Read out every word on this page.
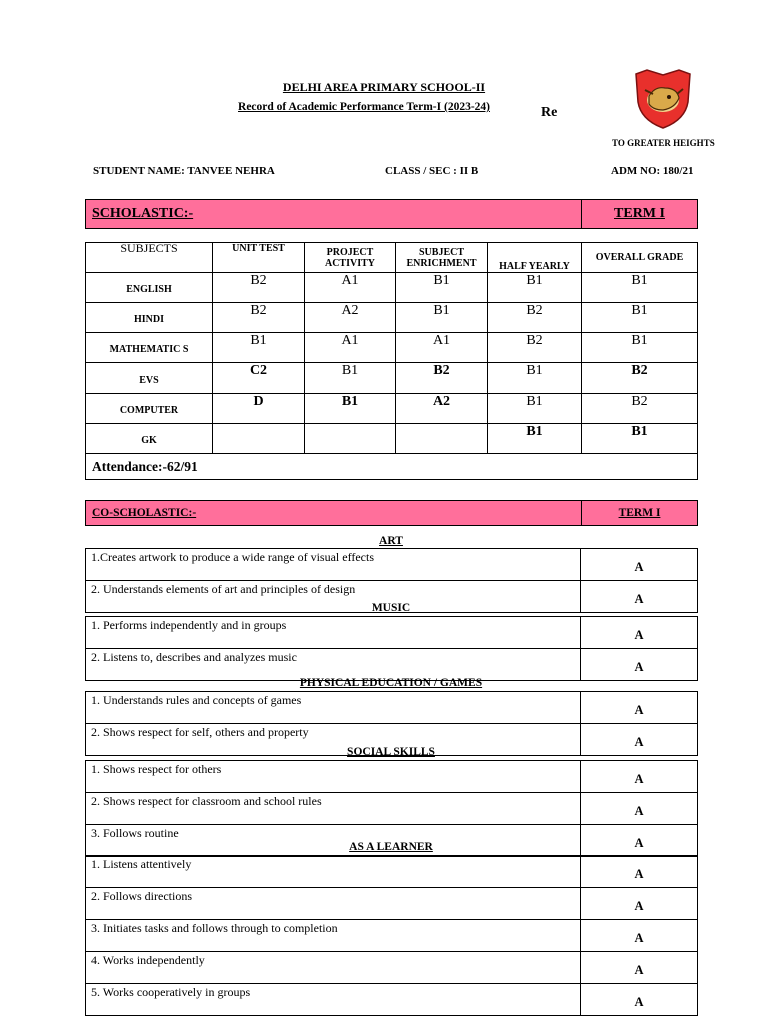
DELHI AREA PRIMARY SCHOOL-II
Record of Academic Performance Term-I (2023-24)	Re
TO GREATER HEIGHTS
STUDENT NAME: TANVEE NEHRA	CLASS / SEC : II B	ADM NO: 180/21
SCHOLASTIC:-	TERM I
SUBJECTS	UNIT TEST	PROJECT ACTIVITY	SUBJECT ENRICHMENT	HALF YEARLY	OVERALL GRADE
ENGLISH	B2	A1	B1	B1	B1
HINDI	B2	A2	B1	B2	B1
MATHEMATIC S	B1	A1	A1	B2	B1
EVS	C2	B1	B2	B1	B2
COMPUTER	D	B1	A2	B1	B2
GK				B1	B1
Attendance:-62/91					
CO-SCHOLASTIC:-	TERM I
ART
1.Creates artwork to produce a wide range of visual effects	A
2. Understands elements of art and principles of design	A
MUSIC
1. Performs independently and in groups	A
2. Listens to, describes and analyzes music	A
PHYSICAL EDUCATION / GAMES
1. Understands rules and concepts of games	A
2. Shows respect for self, others and property	A
SOCIAL SKILLS
1. Shows respect for others	A
2. Shows respect for classroom and school rules	A
3. Follows routine	A
AS A LEARNER
1. Listens attentively	A
2. Follows directions	A
3. Initiates tasks and follows through to completion	A
4. Works independently	A
5. Works cooperatively in groups	A
